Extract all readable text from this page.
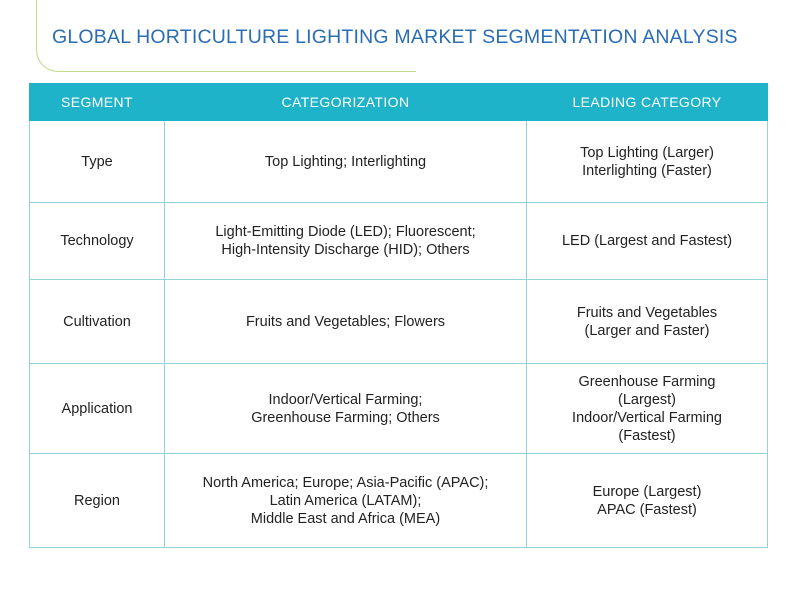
GLOBAL HORTICULTURE LIGHTING MARKET SEGMENTATION ANALYSIS
SEGMENT	CATEGORIZATION	LEADING CATEGORY

Type	Top Lighting; Interlighting	Top Lighting (Larger)
Interlighting (Faster)

Technology	Light-Emitting Diode (LED); Fluorescent;
High-Intensity Discharge (HID); Others	LED (Largest and Fastest)

Cultivation	Fruits and Vegetables; Flowers	Fruits and Vegetables
(Larger and Faster)

Application	Indoor/Vertical Farming;
Greenhouse Farming; Others	Greenhouse Farming
(Largest)
Indoor/Vertical Farming
(Fastest)

Region	North America; Europe; Asia-Pacific (APAC);
Latin America (LATAM);
Middle East and Africa (MEA)	Europe (Largest)
APAC (Fastest)
